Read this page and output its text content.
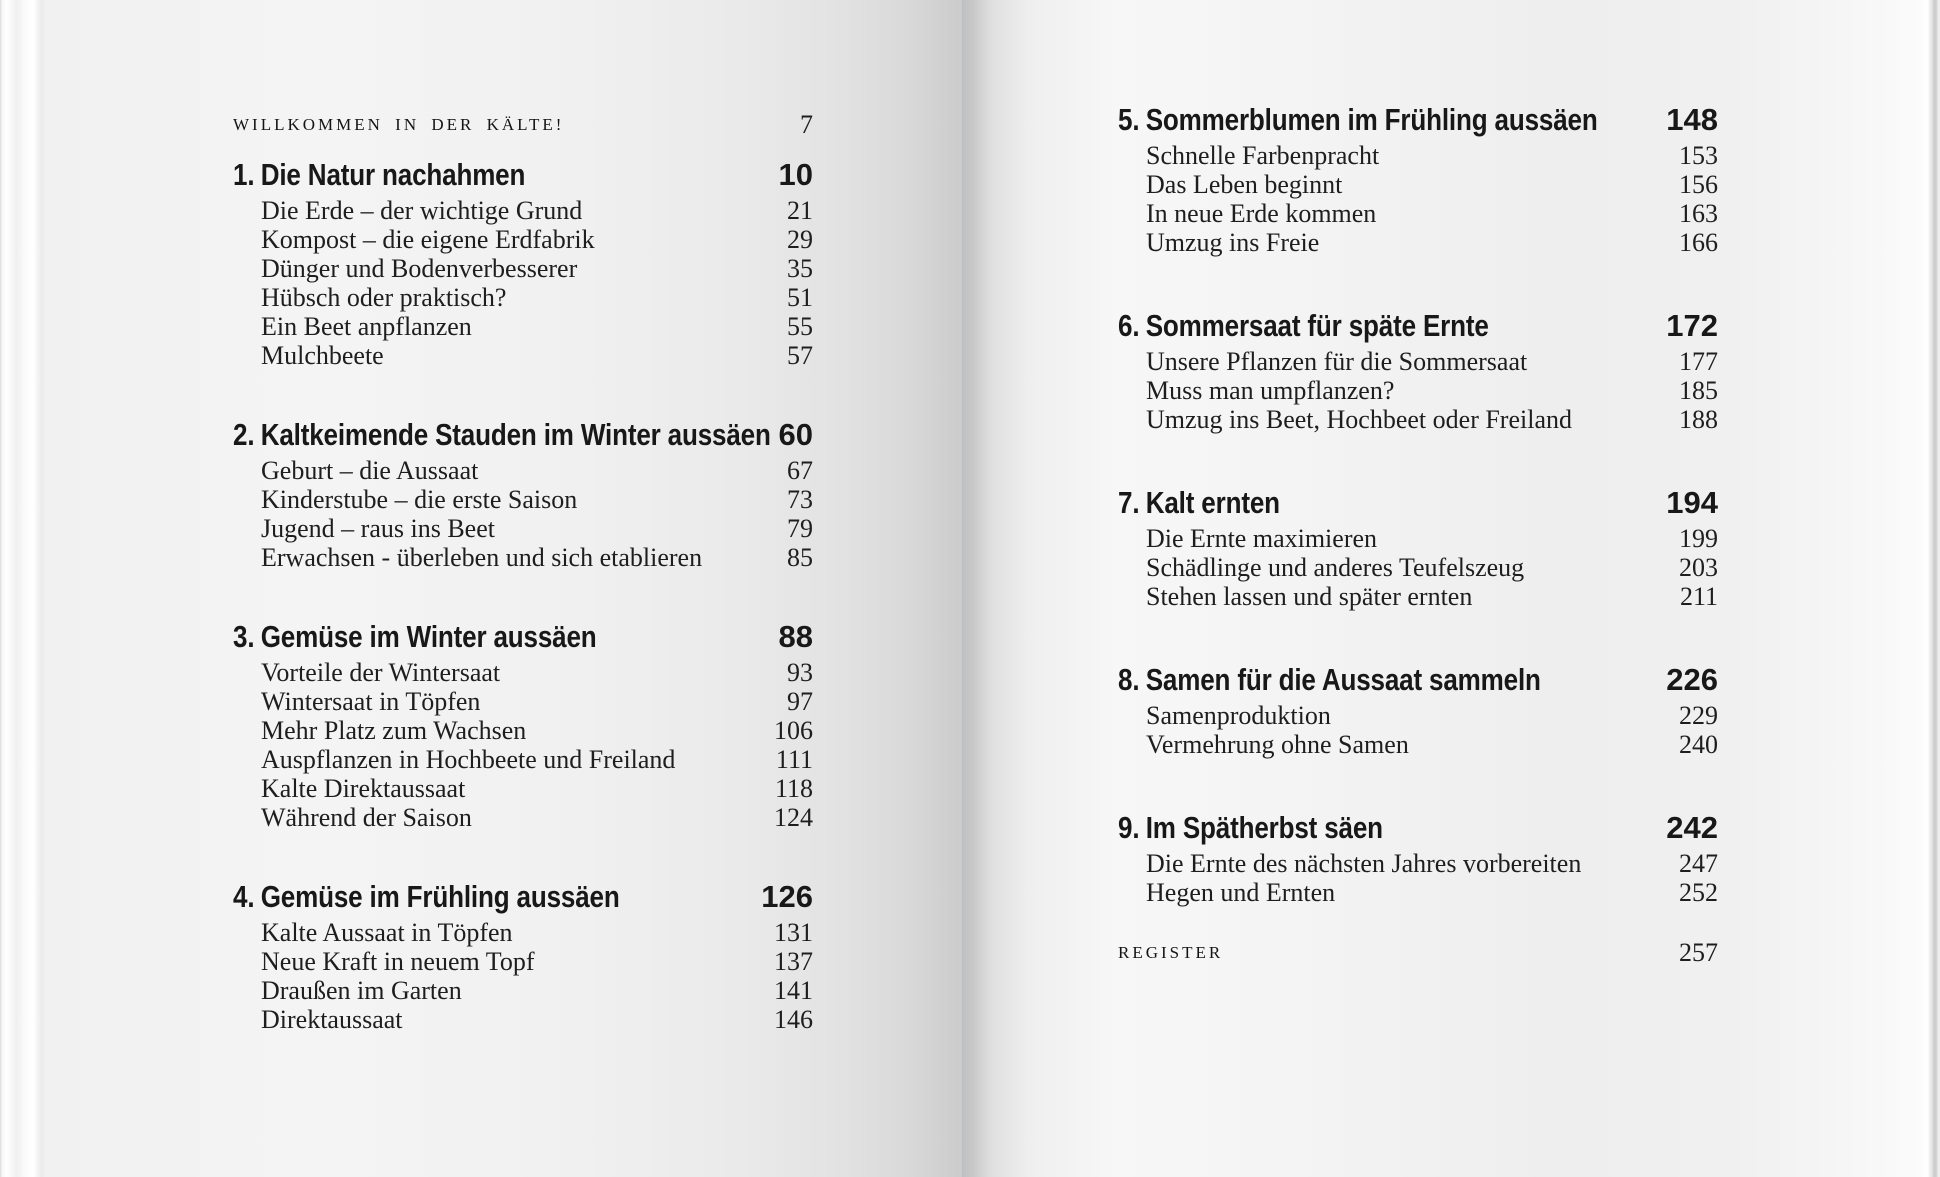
WILLKOMMEN IN DER KÄLTE!	7
1. Die Natur nachahmen	10
Die Erde – der wichtige Grund	21
Kompost – die eigene Erdfabrik	29
Dünger und Bodenverbesserer	35
Hübsch oder praktisch?	51
Ein Beet anpflanzen	55
Mulchbeete	57
2. Kaltkeimende Stauden im Winter aussäen 60
Geburt – die Aussaat	67
Kinderstube – die erste Saison	73
Jugend – raus ins Beet	79
Erwachsen - überleben und sich etablieren	85
3. Gemüse im Winter aussäen	88
Vorteile der Wintersaat	93
Wintersaat in Töpfen	97
Mehr Platz zum Wachsen	106
Auspflanzen in Hochbeete und Freiland	111
Kalte Direktaussaat	118
Während der Saison	124
4. Gemüse im Frühling aussäen	126
Kalte Aussaat in Töpfen	131
Neue Kraft in neuem Topf	137
Draußen im Garten	141
Direktaussaat	146
5. Sommerblumen im Frühling aussäen 148
Schnelle Farbenpracht	153
Das Leben beginnt	156
In neue Erde kommen	163
Umzug ins Freie	166
6. Sommersaat für späte Ernte	172
Unsere Pflanzen für die Sommersaat	177
Muss man umpflanzen?	185
Umzug ins Beet, Hochbeet oder Freiland	188
7. Kalt ernten	194
Die Ernte maximieren	199
Schädlinge und anderes Teufelszeug	203
Stehen lassen und später ernten	211
8. Samen für die Aussaat sammeln	226
Samenproduktion	229
Vermehrung ohne Samen	240
9. Im Spätherbst säen	242
Die Ernte des nächsten Jahres vorbereiten	247
Hegen und Ernten	252
REGISTER	257
